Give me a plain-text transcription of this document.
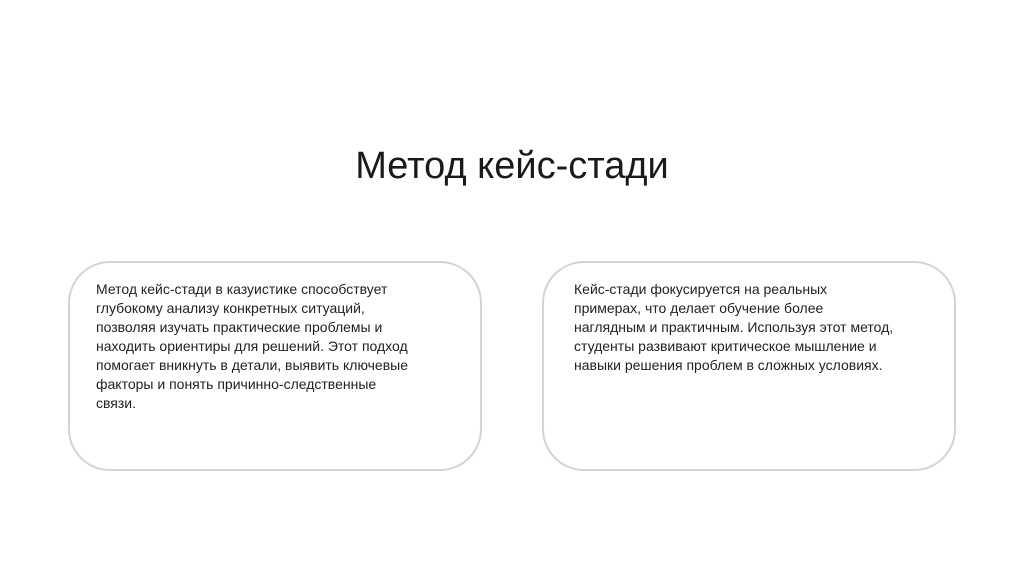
Метод кейс-стади
Метод кейс-стади в казуистике способствует
глубокому анализу конкретных ситуаций,
позволяя изучать практические проблемы и
находить ориентиры для решений. Этот подход
помогает вникнуть в детали, выявить ключевые
факторы и понять причинно-следственные
связи.
Кейс-стади фокусируется на реальных
примерах, что делает обучение более
наглядным и практичным. Используя этот метод,
студенты развивают критическое мышление и
навыки решения проблем в сложных условиях.
